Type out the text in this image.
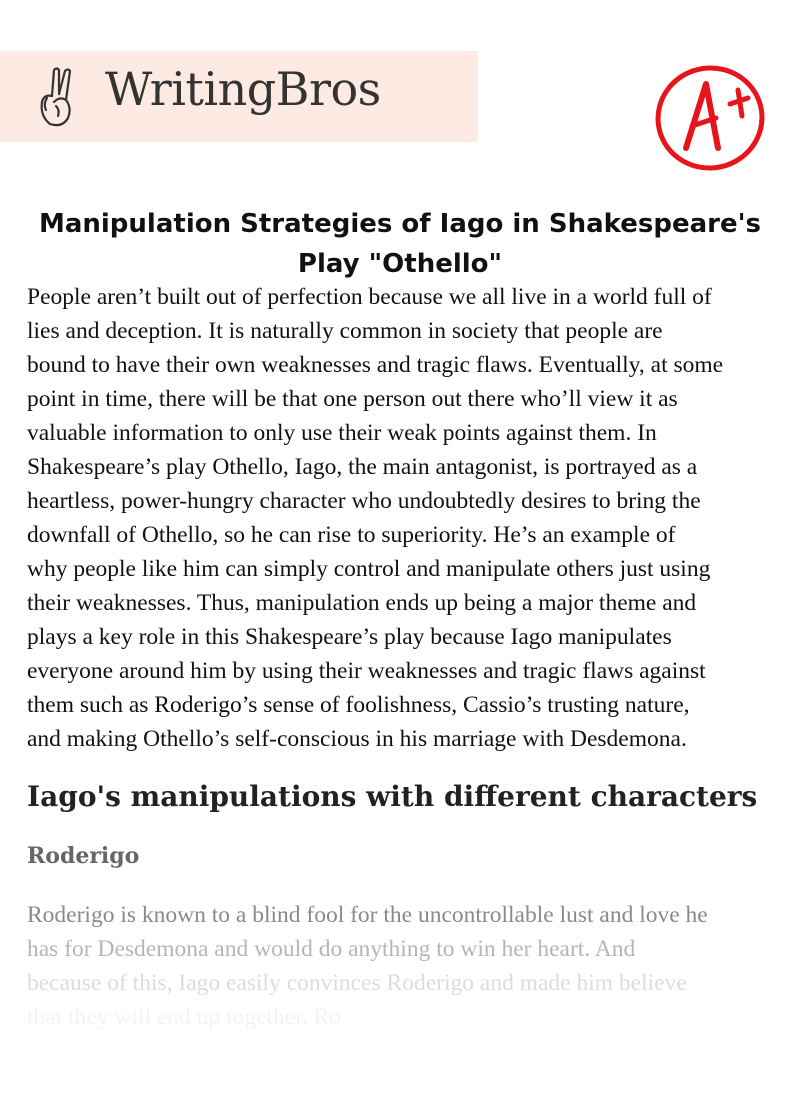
WritingBros
Manipulation Strategies of Iago in Shakespeare's
Play "Othello"
People aren’t built out of perfection because we all live in a world full of
lies and deception. It is naturally common in society that people are
bound to have their own weaknesses and tragic flaws. Eventually, at some
point in time, there will be that one person out there who’ll view it as
valuable information to only use their weak points against them. In
Shakespeare’s play Othello, Iago, the main antagonist, is portrayed as a
heartless, power-hungry character who undoubtedly desires to bring the
downfall of Othello, so he can rise to superiority. He’s an example of
why people like him can simply control and manipulate others just using
their weaknesses. Thus, manipulation ends up being a major theme and
plays a key role in this Shakespeare’s play because Iago manipulates
everyone around him by using their weaknesses and tragic flaws against
them such as Roderigo’s sense of foolishness, Cassio’s trusting nature,
and making Othello’s self-conscious in his marriage with Desdemona.
Iago's manipulations with different characters
Roderigo
Roderigo is known to a blind fool for the uncontrollable lust and love he
has for Desdemona and would do anything to win her heart. And
because of this, Iago easily convinces Roderigo and made him believe
that they will end up together. Ro
